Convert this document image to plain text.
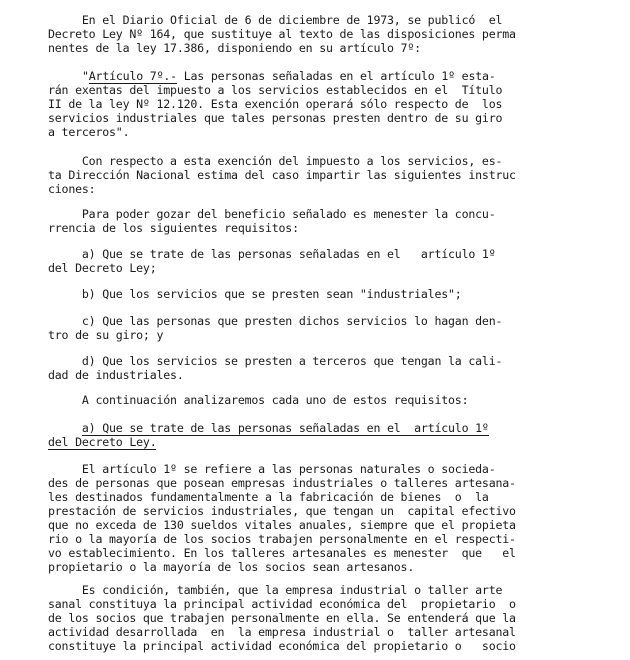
En el Diario Oficial de 6 de diciembre de 1973, se publicó  el
Decreto Ley Nº 164, que sustituye al texto de las disposiciones perma
nentes de la ley 17.386, disponiendo en su artículo 7º:
"Artículo 7º.- Las personas señaladas en el artículo 1º esta-
rán exentas del impuesto a los servicios establecidos en el  Título
II de la ley Nº 12.120. Esta exención operará sólo respecto de  los
servicios industriales que tales personas presten dentro de su giro
a terceros".
Con respecto a esta exención del impuesto a los servicios, es-
ta Dirección Nacional estima del caso impartir las siguientes instruc
ciones:
Para poder gozar del beneficio señalado es menester la concu-
rrencia de los siguientes requisitos:
a) Que se trate de las personas señaladas en el   artículo 1º
del Decreto Ley;
b) Que los servicios que se presten sean "industriales";
c) Que las personas que presten dichos servicios lo hagan den-
tro de su giro; y
d) Que los servicios se presten a terceros que tengan la cali-
dad de industriales.
A continuación analizaremos cada uno de estos requisitos:
a) Que se trate de las personas señaladas en el  artículo 1º
del Decreto Ley.
El artículo 1º se refiere a las personas naturales o socieda-
des de personas que posean empresas industriales o talleres artesana-
les destinados fundamentalmente a la fabricación de bienes  o  la
prestación de servicios industriales, que tengan un  capital efectivo
que no exceda de 130 sueldos vitales anuales, siempre que el propieta
rio o la mayoría de los socios trabajen personalmente en el respecti-
vo establecimiento. En los talleres artesanales es menester  que   el
propietario o la mayoría de los socios sean artesanos.
Es condición, también, que la empresa industrial o taller arte
sanal constituya la principal actividad económica del  propietario  o
de los socios que trabajen personalmente en ella. Se entenderá que la
actividad desarrollada  en  la empresa industrial o  taller artesanal
constituye la principal actividad económica del propietario o   socio
